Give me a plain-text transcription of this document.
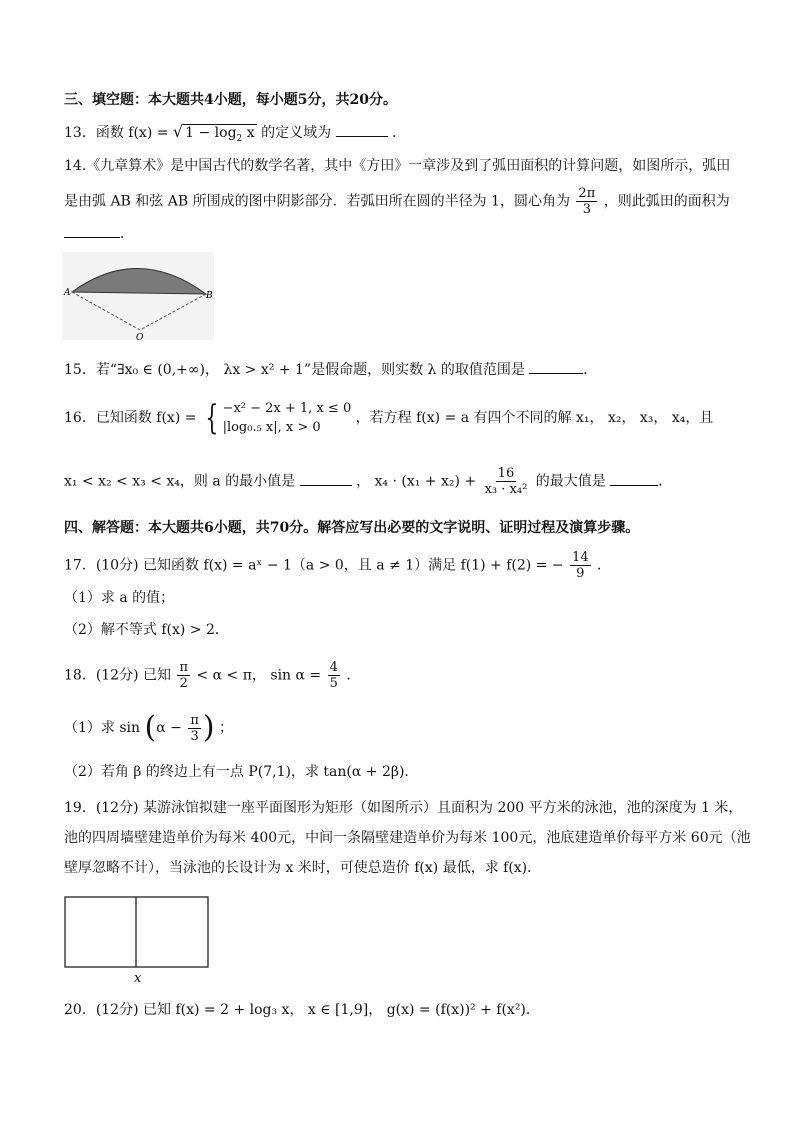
三、填空题：本大题共4小题，每小题5分，共20分。
13．函数 f(x) = √ $1 - \log_2 x$ 的定义域为	．
14.《九章算术》是中国古代的数学名著，其中《方田》一章涉及到了弧田面积的计算问题，如图所示，弧田
是由弧 AB 和弦 AB 所围成的图中阴影部分．若弧田所在圆的半径为 1，圆心角为 $\frac{2\pi}{3}$ ，则此弧田的面积为
．
A	B
O
15．若“∃x₀ ∈ (0,+∞)， λx > x² + 1”是假命题，则实数 λ 的取值范围是	．
16．已知函数 f(x) = { −x² − 2x + 1, x ≤ 0
|log₀.₅ x|, x > 0
，若方程 f(x) = a 有四个不同的解 x₁， x₂， x₃， x₄，且
x₁ < x₂ < x₃ < x₄，则 a 的最小值是	， $x_4 \cdot (x_1 + x_2) + \frac{16}{\text{x₃ · x₄²}}$ 的最大值是	．
四、解答题：本大题共6小题，共70分。解答应写出必要的文字说明、证明过程及演算步骤。
17．(10分) 已知函数 f(x) = aˣ − 1（a > 0，且 a ≠ 1）满足 f(1) + f(2) = − $\frac{14}{9}$ ．
（1）求 a 的值；
（2）解不等式 f(x) > 2．
18．(12分) 已知 $\frac{\pi}{2} < \alpha < \pi$， $\sin \alpha = \frac{4}{5}$ ．
（1）求 $\sin (\alpha - \frac{\pi}{3}$ ) ；
（2）若角 β 的终边上有一点 P(7,1)，求 tan(α + 2β)．
19．(12分) 某游泳馆拟建一座平面图形为矩形（如图所示）且面积为 200 平方米的泳池，池的深度为 1 米，
池的四周墙壁建造单价为每米 400元，中间一条隔壁建造单价为每米 100元，池底建造单价每平方米 60元（池
壁厚忽略不计），当泳池的长设计为 x 米时，可使总造价 f(x) 最低，求 f(x)．
x
20．(12分) 已知 f(x) = 2 + log₃ x， x ∈ [1,9]， g(x) = (f(x))² + f(x²)．
